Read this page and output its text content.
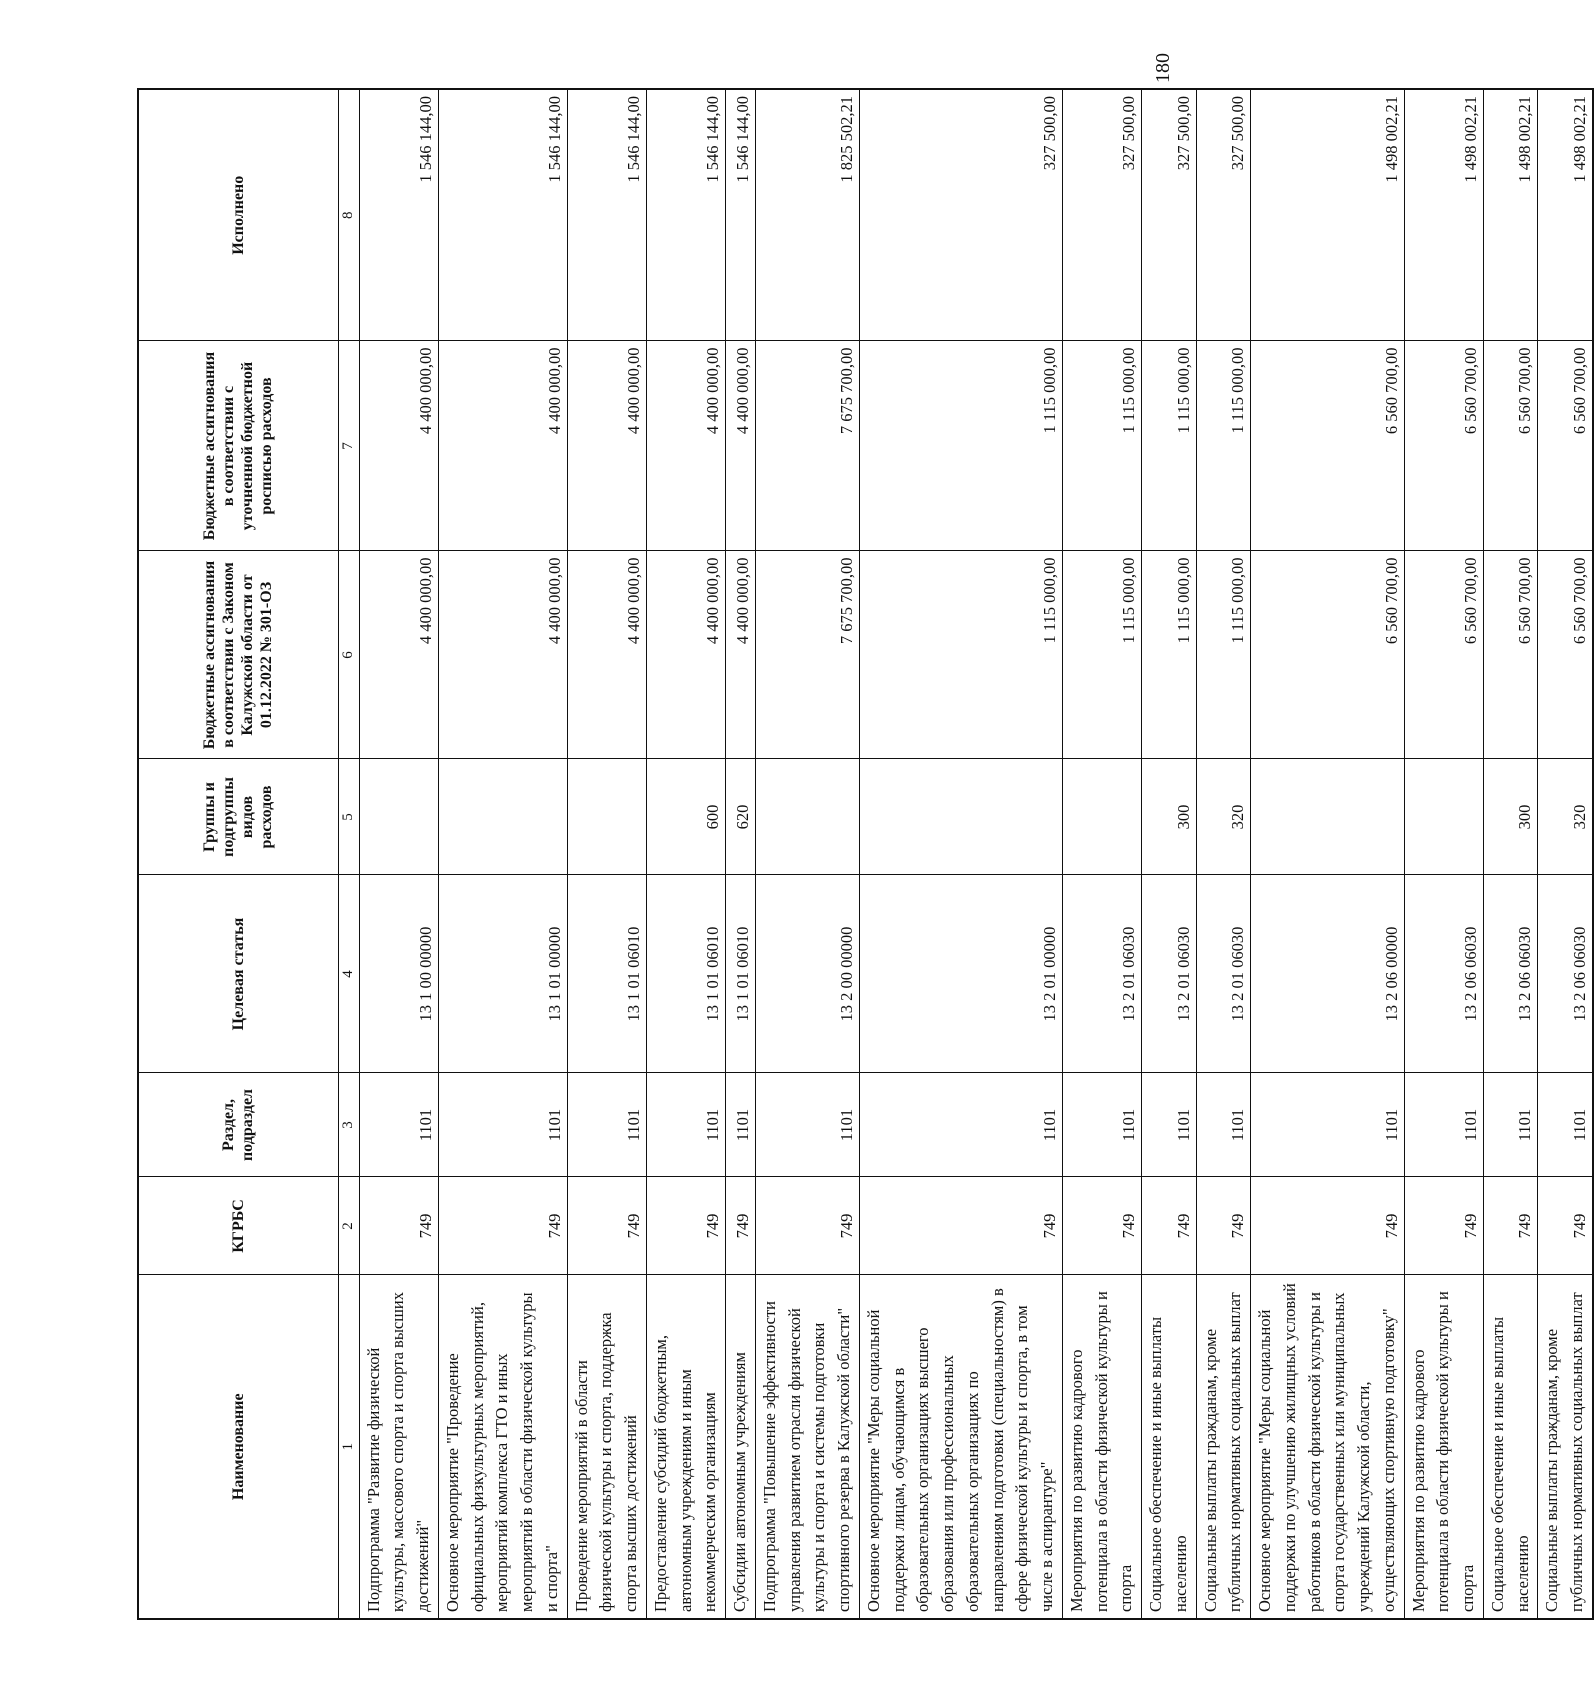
180
Наименование	КГРБС	Раздел, подраздел	Целевая статья	Группы и подгруппы видов расходов	Бюджетные ассигнования в соответствии с Законом Калужской области от 01.12.2022 № 301-ОЗ	Бюджетные ассигнования в соответствии с уточненной бюджетной росписью расходов	Исполнено
1	2	3	4	5	6	7	8
Подпрограмма "Развитие физической культуры, массового спорта и спорта высших достижений"	749	1101	13 1 00 00000		4 400 000,00	4 400 000,00	1 546 144,00
Основное мероприятие "Проведение официальных физкультурных мероприятий, мероприятий комплекса ГТО и иных мероприятий в области физической культуры и спорта"	749	1101	13 1 01 00000		4 400 000,00	4 400 000,00	1 546 144,00
Проведение мероприятий в области физической культуры и спорта, поддержка спорта высших достижений	749	1101	13 1 01 06010		4 400 000,00	4 400 000,00	1 546 144,00
Предоставление субсидий бюджетным, автономным учреждениям и иным некоммерческим организациям	749	1101	13 1 01 06010	600	4 400 000,00	4 400 000,00	1 546 144,00
Субсидии автономным учреждениям	749	1101	13 1 01 06010	620	4 400 000,00	4 400 000,00	1 546 144,00
Подпрограмма "Повышение эффективности управления развитием отрасли физической культуры и спорта и системы подготовки спортивного резерва в Калужской области"	749	1101	13 2 00 00000		7 675 700,00	7 675 700,00	1 825 502,21
Основное мероприятие "Меры социальной поддержки лицам, обучающимся в образовательных организациях высшего образования или профессиональных образовательных организациях по направлениям подготовки (специальностям) в сфере физической культуры и спорта, в том числе в аспирантуре"	749	1101	13 2 01 00000		1 115 000,00	1 115 000,00	327 500,00
Мероприятия по развитию кадрового потенциала в области физической культуры и спорта	749	1101	13 2 01 06030		1 115 000,00	1 115 000,00	327 500,00
Социальное обеспечение и иные выплаты населению	749	1101	13 2 01 06030	300	1 115 000,00	1 115 000,00	327 500,00
Социальные выплаты гражданам, кроме публичных нормативных социальных выплат	749	1101	13 2 01 06030	320	1 115 000,00	1 115 000,00	327 500,00
Основное мероприятие "Меры социальной поддержки по улучшению жилищных условий работников в области физической культуры и спорта государственных или муниципальных учреждений Калужской области, осуществляющих спортивную подготовку"	749	1101	13 2 06 00000		6 560 700,00	6 560 700,00	1 498 002,21
Мероприятия по развитию кадрового потенциала в области физической культуры и спорта	749	1101	13 2 06 06030		6 560 700,00	6 560 700,00	1 498 002,21
Социальное обеспечение и иные выплаты населению	749	1101	13 2 06 06030	300	6 560 700,00	6 560 700,00	1 498 002,21
Социальные выплаты гражданам, кроме публичных нормативных социальных выплат	749	1101	13 2 06 06030	320	6 560 700,00	6 560 700,00	1 498 002,21
